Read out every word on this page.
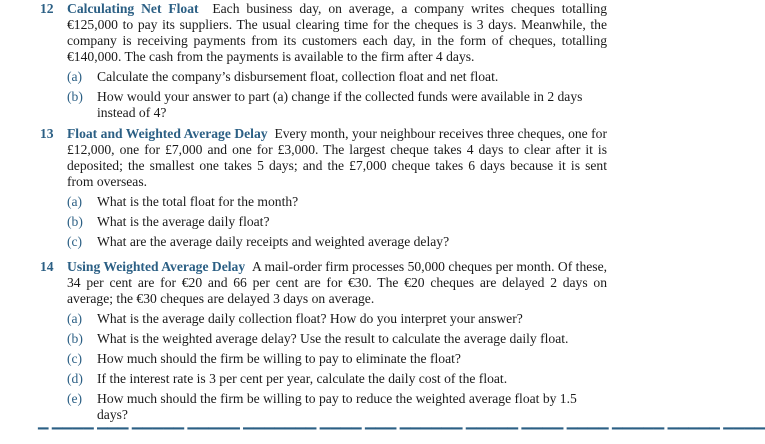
12 Calculating Net Float Each business day, on average, a company writes cheques totalling €125,000 to pay its suppliers. The usual clearing time for the cheques is 3 days. Meanwhile, the company is receiving payments from its customers each day, in the form of cheques, totalling €140,000. The cash from the payments is available to the firm after 4 days.

(a) Calculate the company’s disbursement float, collection float and net float.
(b) How would your answer to part (a) change if the collected funds were available in 2 days instead of 4?
13 Float and Weighted Average Delay Every month, your neighbour receives three cheques, one for £12,000, one for £7,000 and one for £3,000. The largest cheque takes 4 days to clear after it is deposited; the smallest one takes 5 days; and the £7,000 cheque takes 6 days because it is sent from overseas.

(a) What is the total float for the month?
(b) What is the average daily float?
(c) What are the average daily receipts and weighted average delay?
14 Using Weighted Average Delay A mail-order firm processes 50,000 cheques per month. Of these, 34 per cent are for €20 and 66 per cent are for €30. The €20 cheques are delayed 2 days on average; the €30 cheques are delayed 3 days on average.

(a) What is the average daily collection float? How do you interpret your answer?
(b) What is the weighted average delay? Use the result to calculate the average daily float.
(c) How much should the firm be willing to pay to eliminate the float?
(d) If the interest rate is 3 per cent per year, calculate the daily cost of the float.
(e) How much should the firm be willing to pay to reduce the weighted average float by 1.5 days?
▔ ▔▔▔▔ ▔▔▔ ▔▔▔▔▔ ▔▔▔▔▔ ▔▔▔▔▔▔▔ ▔▔▔▔ ▔▔▔ ▔▔▔▔▔▔ ▔▔▔▔▔ ▔▔▔▔ ▔▔▔▔ ▔▔▔▔▔ ▔▔▔▔▔ ▔▔▔▔
